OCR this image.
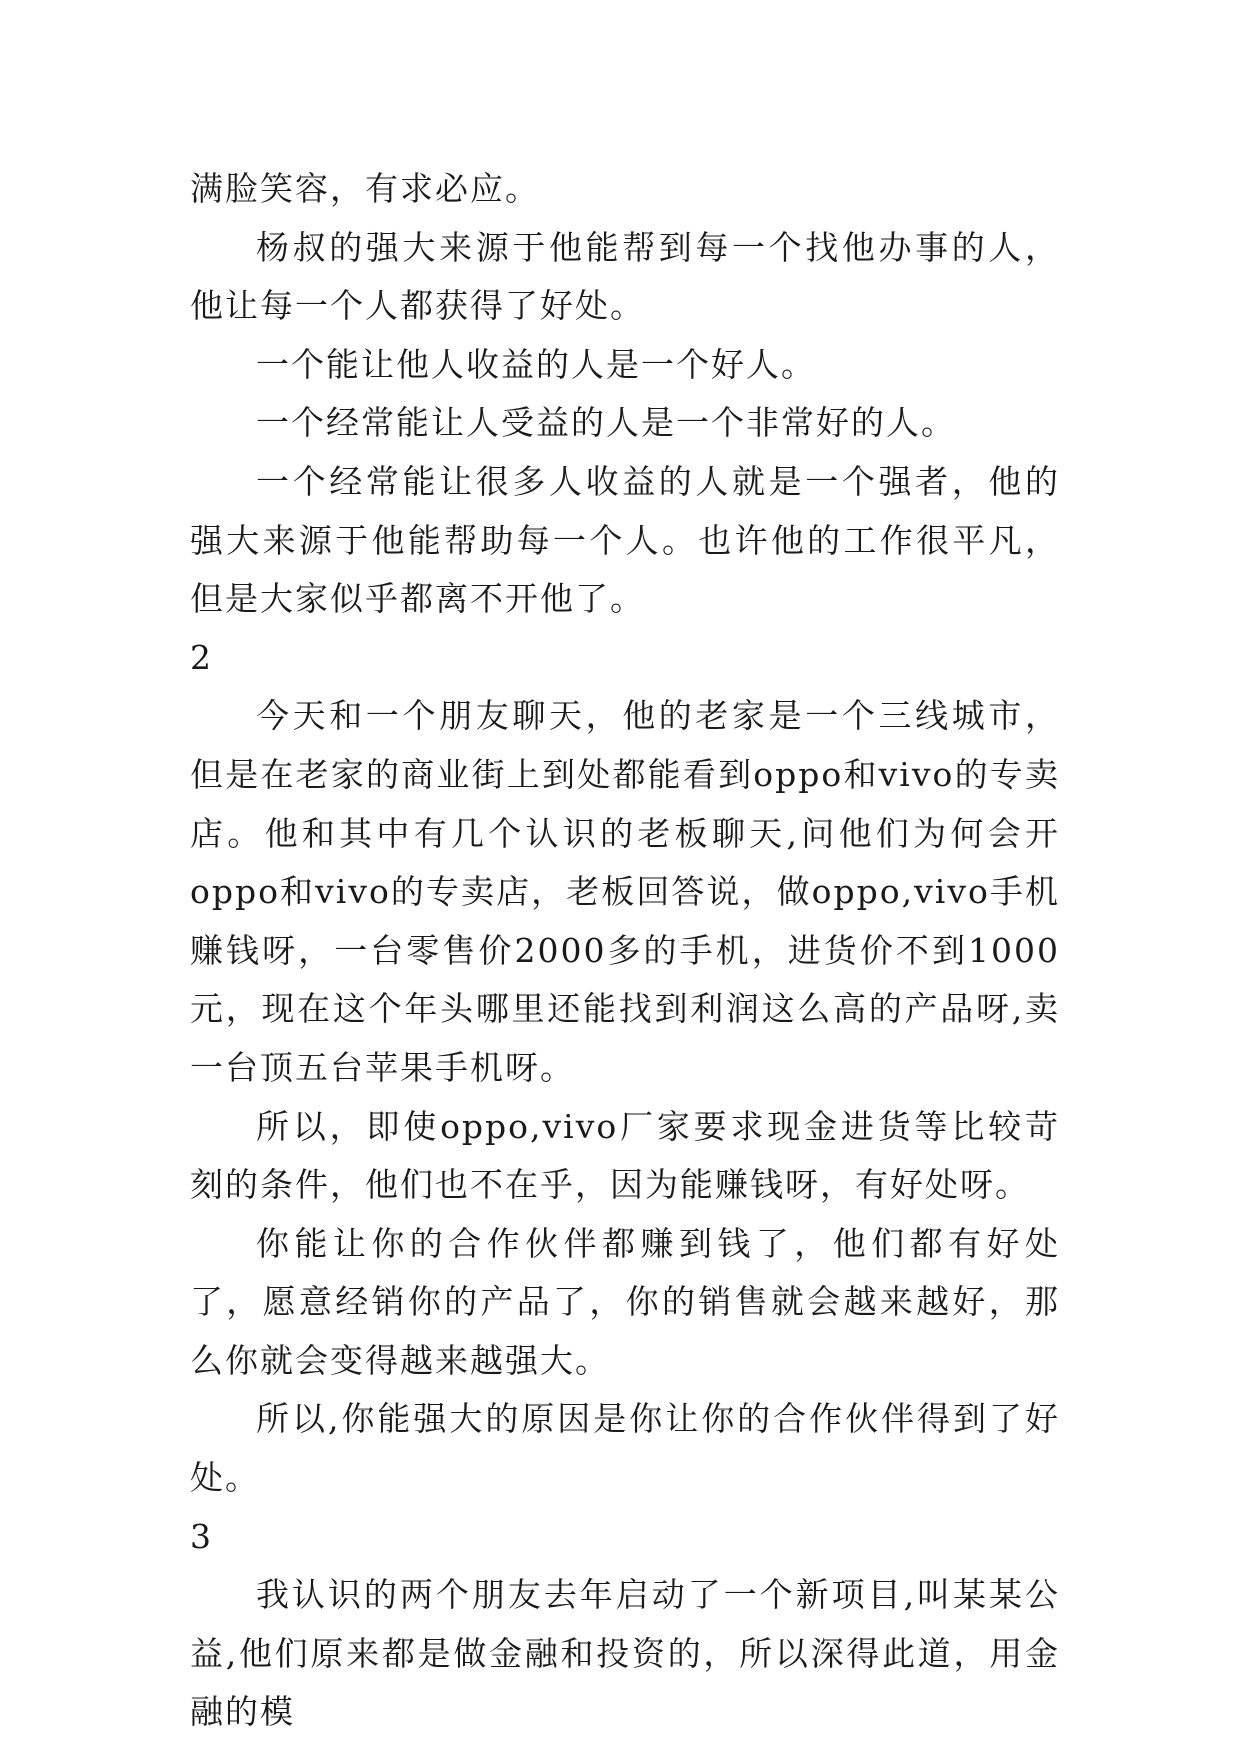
满脸笑容，有求必应。

杨叔的强大来源于他能帮到每一个找他办事的人，他让每一个人都获得了好处。

一个能让他人收益的人是一个好人。

一个经常能让人受益的人是一个非常好的人。

一个经常能让很多人收益的人就是一个强者，他的强大来源于他能帮助每一个人。也许他的工作很平凡，但是大家似乎都离不开他了。

2

今天和一个朋友聊天，他的老家是一个三线城市，但是在老家的商业街上到处都能看到oppo和vivo的专卖店。他和其中有几个认识的老板聊天,问他们为何会开oppo和vivo的专卖店，老板回答说，做oppo,vivo手机赚钱呀，一台零售价2000多的手机，进货价不到1000元，现在这个年头哪里还能找到利润这么高的产品呀,卖一台顶五台苹果手机呀。

所以，即使oppo,vivo厂家要求现金进货等比较苛刻的条件，他们也不在乎，因为能赚钱呀，有好处呀。

你能让你的合作伙伴都赚到钱了，他们都有好处了，愿意经销你的产品了，你的销售就会越来越好，那么你就会变得越来越强大。

所以,你能强大的原因是你让你的合作伙伴得到了好处。

3

我认识的两个朋友去年启动了一个新项目,叫某某公益,他们原来都是做金融和投资的，所以深得此道，用金融的模
